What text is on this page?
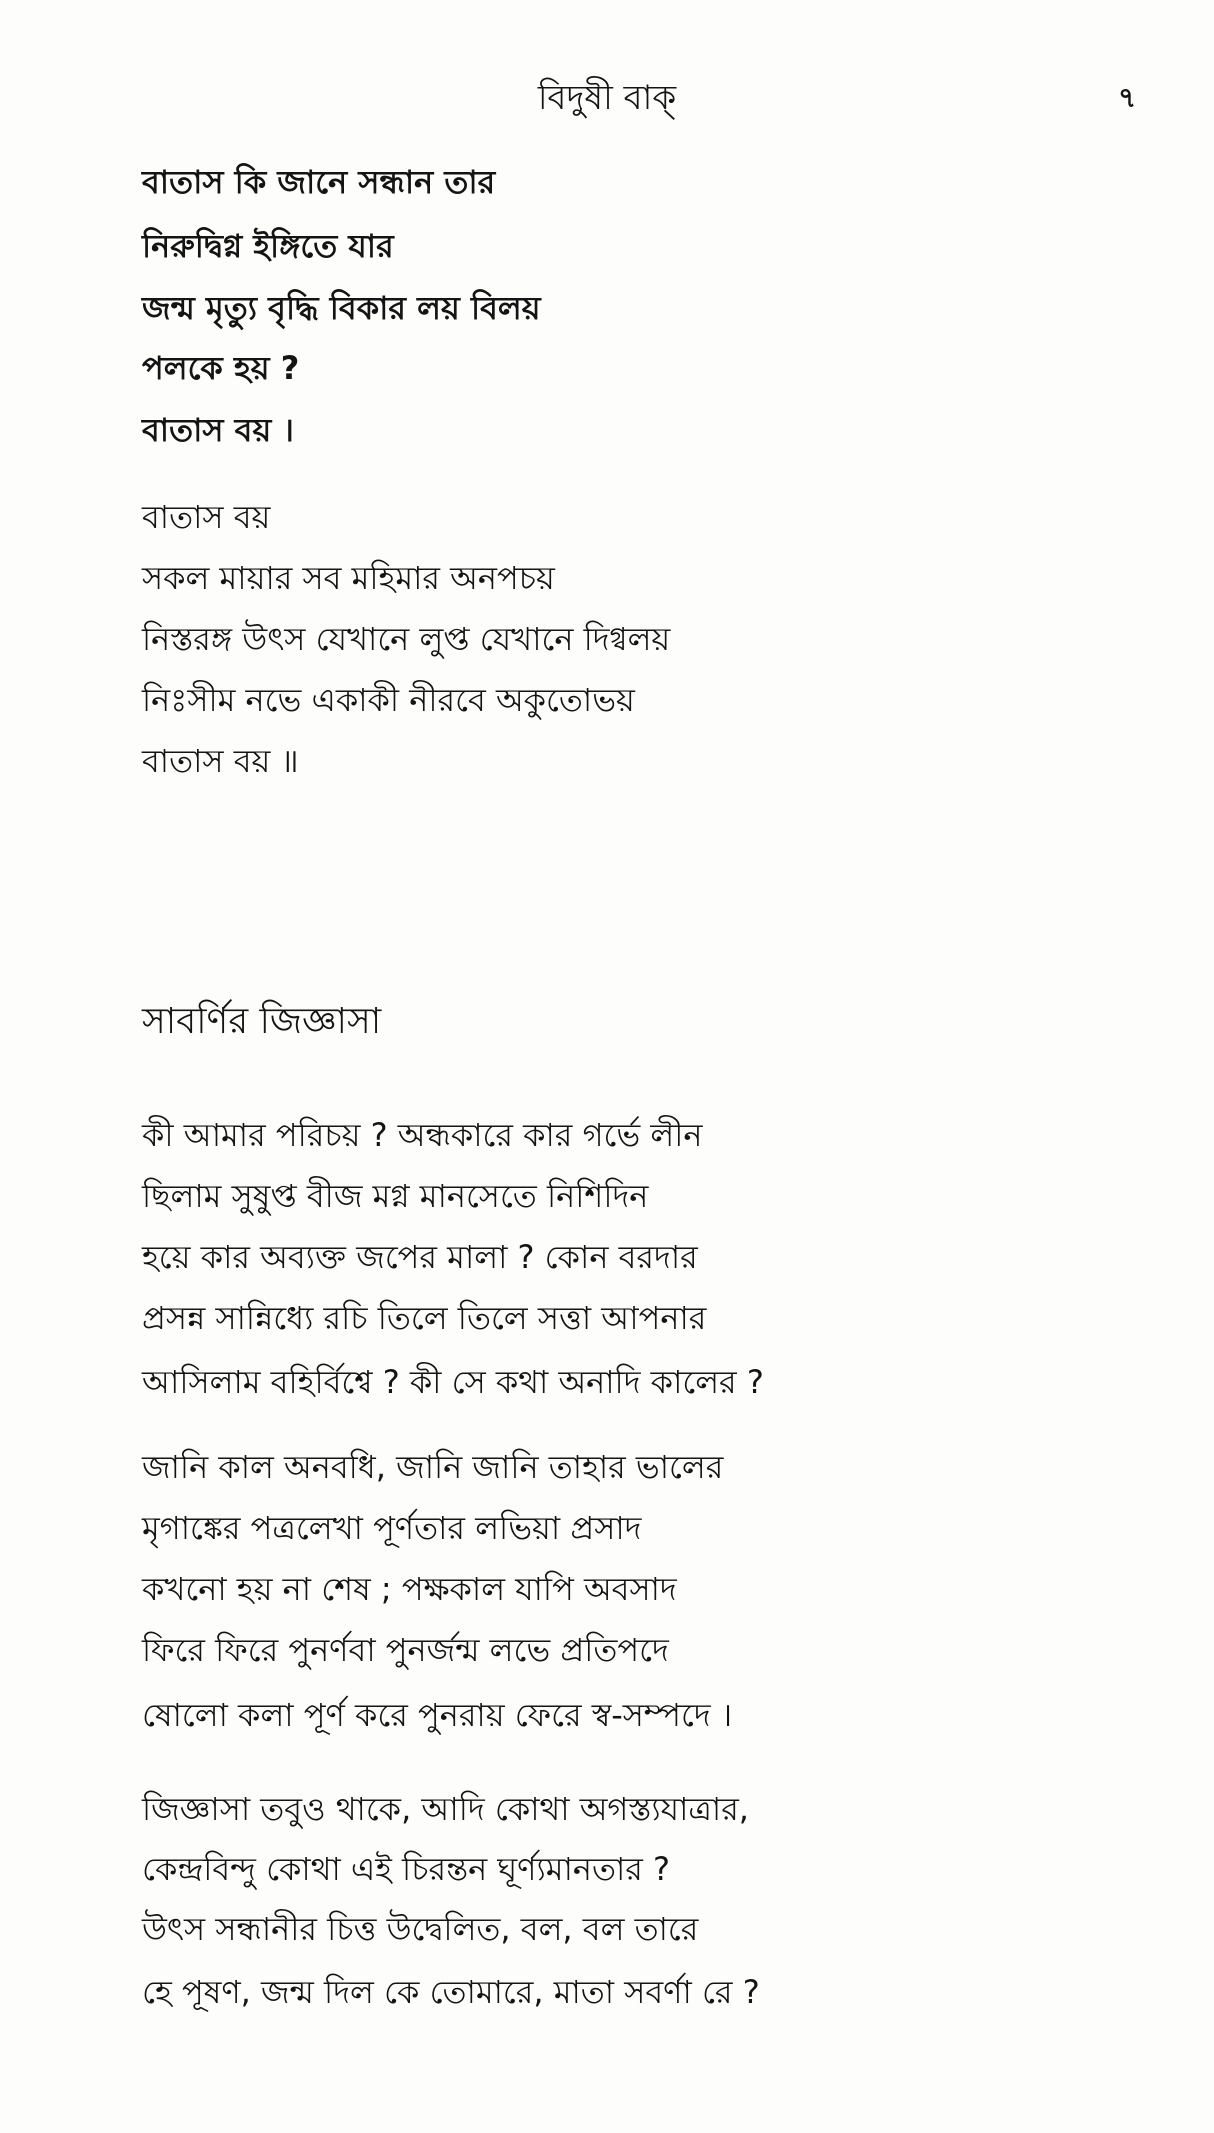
বিদুষী বাক্	৭
বাতাস কি জানে সন্ধান তার
নিরুদ্বিগ্ন ইঙ্গিতে যার
জন্ম মৃত্যু বৃদ্ধি বিকার লয় বিলয়
পলকে হয় ?
বাতাস বয় ।
বাতাস বয়
সকল মায়ার সব মহিমার অনপচয়
নিস্তরঙ্গ উৎস যেখানে লুপ্ত যেখানে দিগ্বলয়
নিঃসীম নভে একাকী নীরবে অকুতোভয়
বাতাস বয় ॥
সাবর্ণির জিজ্ঞাসা
কী আমার পরিচয় ? অন্ধকারে কার গর্ভে লীন
ছিলাম সুষুপ্ত বীজ মগ্ন মানসেতে নিশিদিন
হয়ে কার অব্যক্ত জপের মালা ? কোন বরদার
প্রসন্ন সান্নিধ্যে রচি তিলে তিলে সত্তা আপনার
আসিলাম বহির্বিশ্বে ? কী সে কথা অনাদি কালের ?
জানি কাল অনবধি, জানি জানি তাহার ভালের
মৃগাঙ্কের পত্রলেখা পূর্ণতার লভিয়া প্রসাদ
কখনো হয় না শেষ ; পক্ষকাল যাপি অবসাদ
ফিরে ফিরে পুনর্ণবা পুনর্জন্ম লভে প্রতিপদে
ষোলো কলা পূর্ণ করে পুনরায় ফেরে স্ব-সম্পদে ।
জিজ্ঞাসা তবুও থাকে, আদি কোথা অগস্ত্যযাত্রার,
কেন্দ্রবিন্দু কোথা এই চিরন্তন ঘূর্ণ্যমানতার ?
উৎস সন্ধানীর চিত্ত উদ্বেলিত, বল, বল তারে
হে পূষণ, জন্ম দিল কে তোমারে, মাতা সবর্ণা রে ?
